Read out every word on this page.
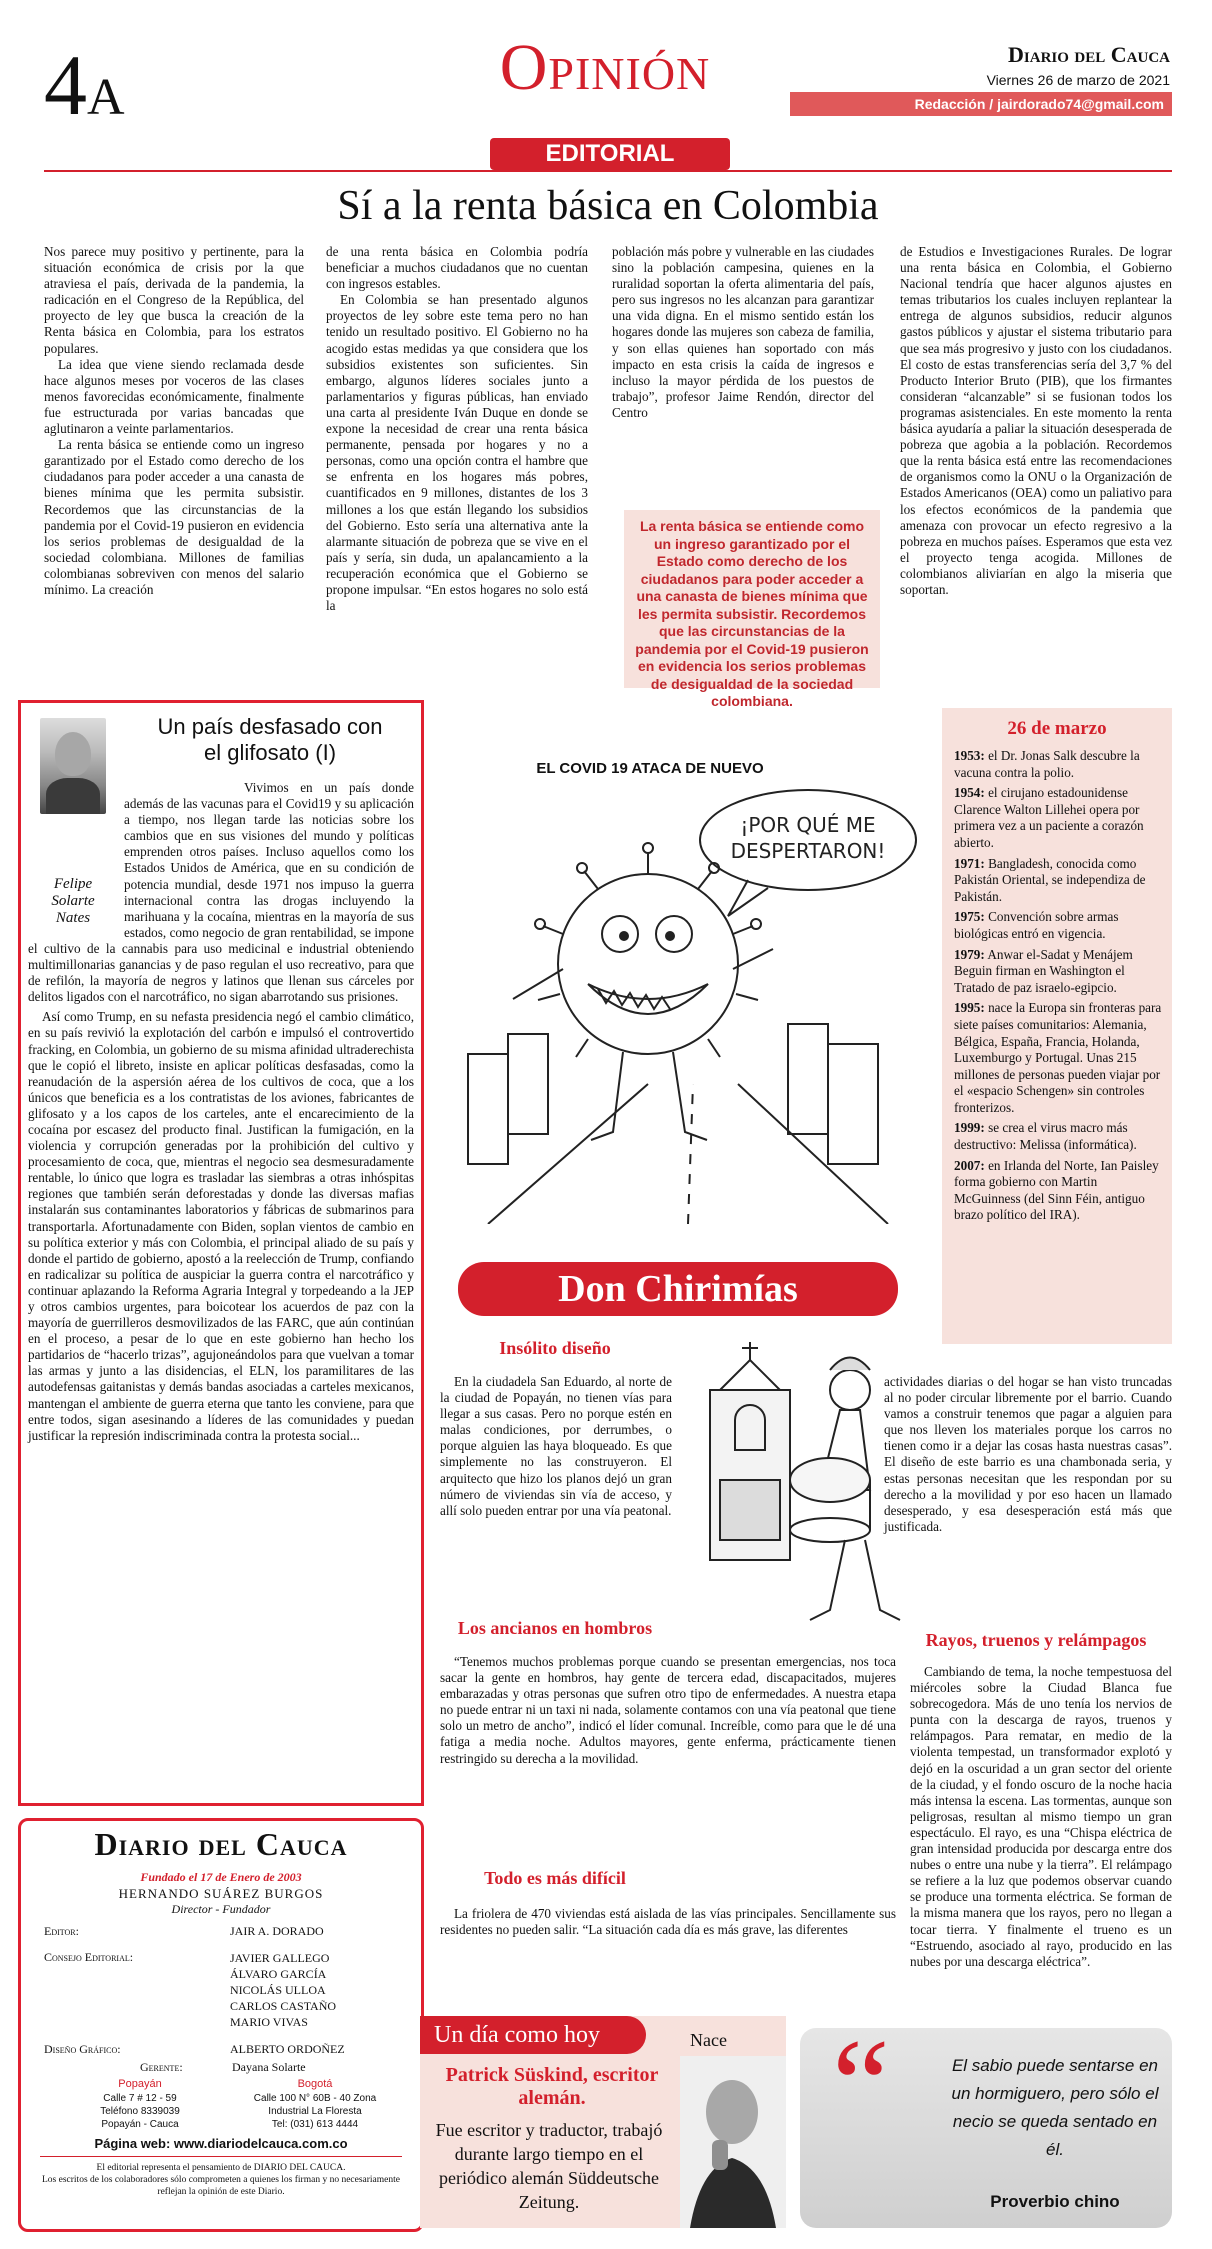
4A	Opinión	Diario del Cauca
Viernes 26 de marzo de 2021
Redacción / jairdorado74@gmail.com
EDITORIAL
Sí a la renta básica en Colombia

Nos parece muy positivo y pertinente, para la situación económica de crisis por la que atraviesa el país, derivada de la pandemia, la radicación en el Congreso de la República, del proyecto de ley que busca la creación de la Renta básica en Colombia, para los estratos populares.

La idea que viene siendo reclamada desde hace algunos meses por voceros de las clases menos favorecidas económicamente, finalmente fue estructurada por varias bancadas que aglutinaron a veinte parlamentarios.

La renta básica se entiende como un ingreso garantizado por el Estado como derecho de los ciudadanos para poder acceder a una canasta de bienes mínima que les permita subsistir. Recordemos que las circunstancias de la pandemia por el Covid-19 pusieron en evidencia los serios problemas de desigualdad de la sociedad colombiana. Millones de familias colombianas sobreviven con menos del salario mínimo. La creación

de una renta básica en Colombia podría beneficiar a muchos ciudadanos que no cuentan con ingresos estables.

En Colombia se han presentado algunos proyectos de ley sobre este tema pero no han tenido un resultado positivo. El Gobierno no ha acogido estas medidas ya que considera que los subsidios existentes son suficientes. Sin embargo, algunos líderes sociales junto a parlamentarios y figuras públicas, han enviado una carta al presidente Iván Duque en donde se expone la necesidad de crear una renta básica permanente, pensada por hogares y no a personas, como una opción contra el hambre que se enfrenta en los hogares más pobres, cuantificados en 9 millones, distantes de los 3 millones a los que están llegando los subsidios del Gobierno. Esto sería una alternativa ante la alarmante situación de pobreza que se vive en el país y sería, sin duda, un apalancamiento a la recuperación económica que el Gobierno se propone impulsar. “En estos hogares no solo está la

población más pobre y vulnerable en las ciudades sino la población campesina, quienes en la ruralidad soportan la oferta alimentaria del país, pero sus ingresos no les alcanzan para garantizar una vida digna. En el mismo sentido están los hogares donde las mujeres son cabeza de familia, y son ellas quienes han soportado con más impacto en esta crisis la caída de ingresos e incluso la mayor pérdida de los puestos de trabajo”, profesor Jaime Rendón, director del Centro

La renta básica se entiende como un ingreso garantizado por el Estado como derecho de los ciudadanos para poder acceder a una canasta de bienes mínima que les permita subsistir. Recordemos que las circunstancias de la pandemia por el Covid-19 pusieron en evidencia los serios problemas de desigualdad de la sociedad colombiana.

de Estudios e Investigaciones Rurales. De lograr una renta básica en Colombia, el Gobierno Nacional tendría que hacer algunos ajustes en temas tributarios los cuales incluyen replantear la entrega de algunos subsidios, reducir algunos gastos públicos y ajustar el sistema tributario para que sea más progresivo y justo con los ciudadanos. El costo de estas transferencias sería del 3,7 % del Producto Interior Bruto (PIB), que los firmantes consideran “alcanzable” si se fusionan todos los programas asistenciales. En este momento la renta básica ayudaría a paliar la situación desesperada de pobreza que agobia a la población. Recordemos que la renta básica está entre las recomendaciones de organismos como la ONU o la Organización de Estados Americanos (OEA) como un paliativo para los efectos económicos de la pandemia que amenaza con provocar un efecto regresivo a la pobreza en muchos países. Esperamos que esta vez el proyecto tenga acogida. Millones de colombianos aliviarían en algo la miseria que soportan.

Felipe Solarte Nates
Un país desfasado con el glifosato (I)
Vivimos en un país donde además de las vacunas para el Covid19 y su aplicación a tiempo, nos llegan tarde las noticias sobre los cambios que en sus visiones del mundo y políticas emprenden otros países. Incluso aquellos como los Estados Unidos de América, que en su condición de potencia mundial, desde 1971 nos impuso la guerra internacional contra las drogas incluyendo la marihuana y la cocaína, mientras en la mayoría de sus estados, como negocio de gran rentabilidad, se impone el cultivo de la cannabis para uso medicinal e industrial obteniendo multimillonarias ganancias y de paso regulan el uso recreativo, para que de refilón, la mayoría de negros y latinos que llenan sus cárceles por delitos ligados con el narcotráfico, no sigan abarrotando sus prisiones.
Así como Trump, en su nefasta presidencia negó el cambio climático, en su país revivió la explotación del carbón e impulsó el controvertido fracking, en Colombia, un gobierno de su misma afinidad ultraderechista que le copió el libreto, insiste en aplicar políticas desfasadas, como la reanudación de la aspersión aérea de los cultivos de coca, que a los únicos que beneficia es a los contratistas de los aviones, fabricantes de glifosato y a los capos de los carteles, ante el encarecimiento de la cocaína por escasez del producto final. Justifican la fumigación, en la violencia y corrupción generadas por la prohibición del cultivo y procesamiento de coca, que, mientras el negocio sea desmesuradamente rentable, lo único que logra es trasladar las siembras a otras inhóspitas regiones que también serán deforestadas y donde las diversas mafias instalarán sus contaminantes laboratorios y fábricas de submarinos para transportarla. Afortunadamente con Biden, soplan vientos de cambio en su política exterior y más con Colombia, el principal aliado de su país y donde el partido de gobierno, apostó a la reelección de Trump, confiando en radicalizar su política de auspiciar la guerra contra el narcotráfico y continuar aplazando la Reforma Agraria Integral y torpedeando a la JEP y otros cambios urgentes, para boicotear los acuerdos de paz con la mayoría de guerrilleros desmovilizados de las FARC, que aún continúan en el proceso, a pesar de lo que en este gobierno han hecho los partidarios de “hacerlo trizas”, agujoneándolos para que vuelvan a tomar las armas y junto a las disidencias, el ELN, los paramilitares de las autodefensas gaitanistas y demás bandas asociadas a carteles mexicanos, mantengan el ambiente de guerra eterna que tanto les conviene, para que entre todos, sigan asesinando a líderes de las comunidades y puedan justificar la represión indiscriminada contra la protesta social...
Diario del Cauca
Fundado el 17 de Enero de 2003
HERNANDO SUÁREZ BURGOS
Director - Fundador
Editor:	JAIR A. DORADO
Consejo Editorial:	JAVIER GALLEGO
ÁLVARO GARCÍA
NICOLÁS ULLOA
CARLOS CASTAÑO
MARIO VIVAS
Diseño Gráfico:	ALBERTO ORDOÑEZ
Gerente:	Dayana Solarte
Popayán
Calle 7 # 12 - 59
Teléfono 8339039
Popayán - Cauca
Bogotá
Calle 100 N° 60B - 40 Zona
Industrial La Floresta
Tel: (031) 613 4444
Página web: www.diariodelcauca.com.co
El editorial representa el pensamiento de DIARIO DEL CAUCA.
Los escritos de los colaboradores sólo comprometen a quienes los firman y no necesariamente reflejan la opinión de este Diario.
EL COVID 19 ATACA DE NUEVO
¡POR QUÉ ME
DESPERTARON!
26 de marzo
1953: el Dr. Jonas Salk descubre la vacuna contra la polio.
1954: el cirujano estadounidense Clarence Walton Lillehei opera por primera vez a un paciente a corazón abierto.
1971: Bangladesh, conocida como Pakistán Oriental, se independiza de Pakistán.
1975: Convención sobre armas biológicas entró en vigencia.
1979: Anwar el-Sadat y Menájem Beguin firman en Washington el Tratado de paz israelo-egipcio.
1995: nace la Europa sin fronteras para siete países comunitarios: Alemania, Bélgica, España, Francia, Holanda, Luxemburgo y Portugal. Unas 215 millones de personas pueden viajar por el «espacio Schengen» sin controles fronterizos.
1999: se crea el virus macro más destructivo: Melissa (informática).
2007: en Irlanda del Norte, Ian Paisley forma gobierno con Martin McGuinness (del Sinn Féin, antiguo brazo político del IRA).
Don Chirimías
Insólito diseño

En la ciudadela San Eduardo, al norte de la ciudad de Popayán, no tienen vías para llegar a sus casas. Pero no porque estén en malas condiciones, por derrumbes, o porque alguien las haya bloqueado. Es que simplemente no las construyeron. El arquitecto que hizo los planos dejó un gran número de viviendas sin vía de acceso, y allí solo pueden entrar por una vía peatonal.

Los ancianos en hombros

“Tenemos muchos problemas porque cuando se presentan emergencias, nos toca sacar la gente en hombros, hay gente de tercera edad, discapacitados, mujeres embarazadas y otras personas que sufren otro tipo de enfermedades. A nuestra etapa no puede entrar ni un taxi ni nada, solamente contamos con una vía peatonal que tiene solo un metro de ancho”, indicó el líder comunal. Increíble, como para que le dé una fatiga a media noche. Adultos mayores, gente enferma, prácticamente tienen restringido su derecha a la movilidad.

Todo es más difícil

La friolera de 470 viviendas está aislada de las vías principales. Sencillamente sus residentes no pueden salir. “La situación cada día es más grave, las diferentes

actividades diarias o del hogar se han visto truncadas al no poder circular libremente por el barrio. Cuando vamos a construir tenemos que pagar a alguien para que nos lleven los materiales porque los carros no tienen como ir a dejar las cosas hasta nuestras casas”. El diseño de este barrio es una chambonada seria, y estas personas necesitan que les respondan por su derecho a la movilidad y por eso hacen un llamado desesperado, y esa desesperación está más que justificada.

Rayos, truenos y relámpagos

Cambiando de tema, la noche tempestuosa del miércoles sobre la Ciudad Blanca fue sobrecogedora. Más de uno tenía los nervios de punta con la descarga de rayos, truenos y relámpagos. Para rematar, en medio de la violenta tempestad, un transformador explotó y dejó en la oscuridad a un gran sector del oriente de la ciudad, y el fondo oscuro de la noche hacia más intensa la escena. Las tormentas, aunque son peligrosas, resultan al mismo tiempo un gran espectáculo. El rayo, es una “Chispa eléctrica de gran intensidad producida por descarga entre dos nubes o entre una nube y la tierra”. El relámpago se refiere a la luz que podemos observar cuando se produce una tormenta eléctrica. Se forman de la misma manera que los rayos, pero no llegan a tocar tierra. Y finalmente el trueno es un “Estruendo, asociado al rayo, producido en las nubes por una descarga eléctrica”.

Un día como hoy	Nace
Patrick Süskind, escritor alemán.
Fue escritor y traductor, trabajó durante largo tiempo en el periódico alemán Süddeutsche Zeitung.
“	El sabio puede sentarse en un hormiguero, pero sólo el necio se queda sentado en él.
Proverbio chino
